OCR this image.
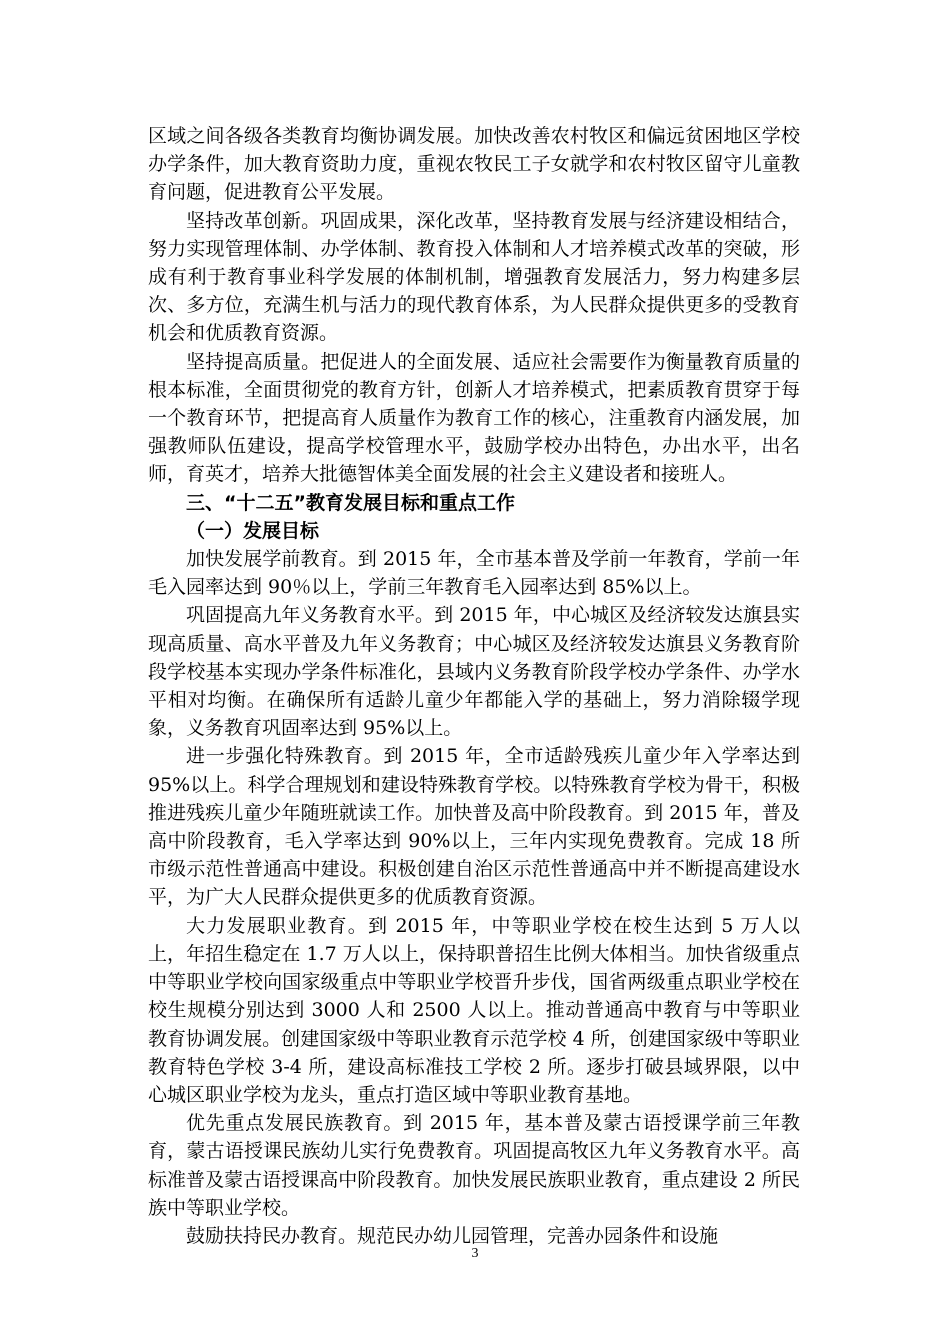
区域之间各级各类教育均衡协调发展。加快改善农村牧区和偏远贫困地区学校办学条件，加大教育资助力度，重视农牧民工子女就学和农村牧区留守儿童教育问题，促进教育公平发展。

坚持改革创新。巩固成果，深化改革，坚持教育发展与经济建设相结合，努力实现管理体制、办学体制、教育投入体制和人才培养模式改革的突破，形成有利于教育事业科学发展的体制机制，增强教育发展活力，努力构建多层次、多方位，充满生机与活力的现代教育体系，为人民群众提供更多的受教育机会和优质教育资源。

坚持提高质量。把促进人的全面发展、适应社会需要作为衡量教育质量的根本标准，全面贯彻党的教育方针，创新人才培养模式，把素质教育贯穿于每一个教育环节，把提高育人质量作为教育工作的核心，注重教育内涵发展，加强教师队伍建设，提高学校管理水平，鼓励学校办出特色，办出水平，出名师，育英才，培养大批德智体美全面发展的社会主义建设者和接班人。

三、“十二五”教育发展目标和重点工作

（一）发展目标

加快发展学前教育。到 2015 年，全市基本普及学前一年教育，学前一年毛入园率达到 90％以上，学前三年教育毛入园率达到 85%以上。

巩固提高九年义务教育水平。到 2015 年，中心城区及经济较发达旗县实现高质量、高水平普及九年义务教育；中心城区及经济较发达旗县义务教育阶段学校基本实现办学条件标准化，县域内义务教育阶段学校办学条件、办学水平相对均衡。在确保所有适龄儿童少年都能入学的基础上，努力消除辍学现象，义务教育巩固率达到 95%以上。

进一步强化特殊教育。到 2015 年，全市适龄残疾儿童少年入学率达到 95%以上。科学合理规划和建设特殊教育学校。以特殊教育学校为骨干，积极推进残疾儿童少年随班就读工作。加快普及高中阶段教育。到 2015 年，普及高中阶段教育，毛入学率达到 90%以上，三年内实现免费教育。完成 18 所市级示范性普通高中建设。积极创建自治区示范性普通高中并不断提高建设水平，为广大人民群众提供更多的优质教育资源。

大力发展职业教育。到 2015 年，中等职业学校在校生达到 5 万人以上，年招生稳定在 1.7 万人以上，保持职普招生比例大体相当。加快省级重点中等职业学校向国家级重点中等职业学校晋升步伐，国省两级重点职业学校在校生规模分别达到 3000 人和 2500 人以上。推动普通高中教育与中等职业教育协调发展。创建国家级中等职业教育示范学校 4 所，创建国家级中等职业教育特色学校 3-4 所，建设高标准技工学校 2 所。逐步打破县域界限，以中心城区职业学校为龙头，重点打造区域中等职业教育基地。

优先重点发展民族教育。到 2015 年，基本普及蒙古语授课学前三年教育，蒙古语授课民族幼儿实行免费教育。巩固提高牧区九年义务教育水平。高标准普及蒙古语授课高中阶段教育。加快发展民族职业教育，重点建设 2 所民族中等职业学校。

鼓励扶持民办教育。规范民办幼儿园管理，完善办园条件和设施

3
